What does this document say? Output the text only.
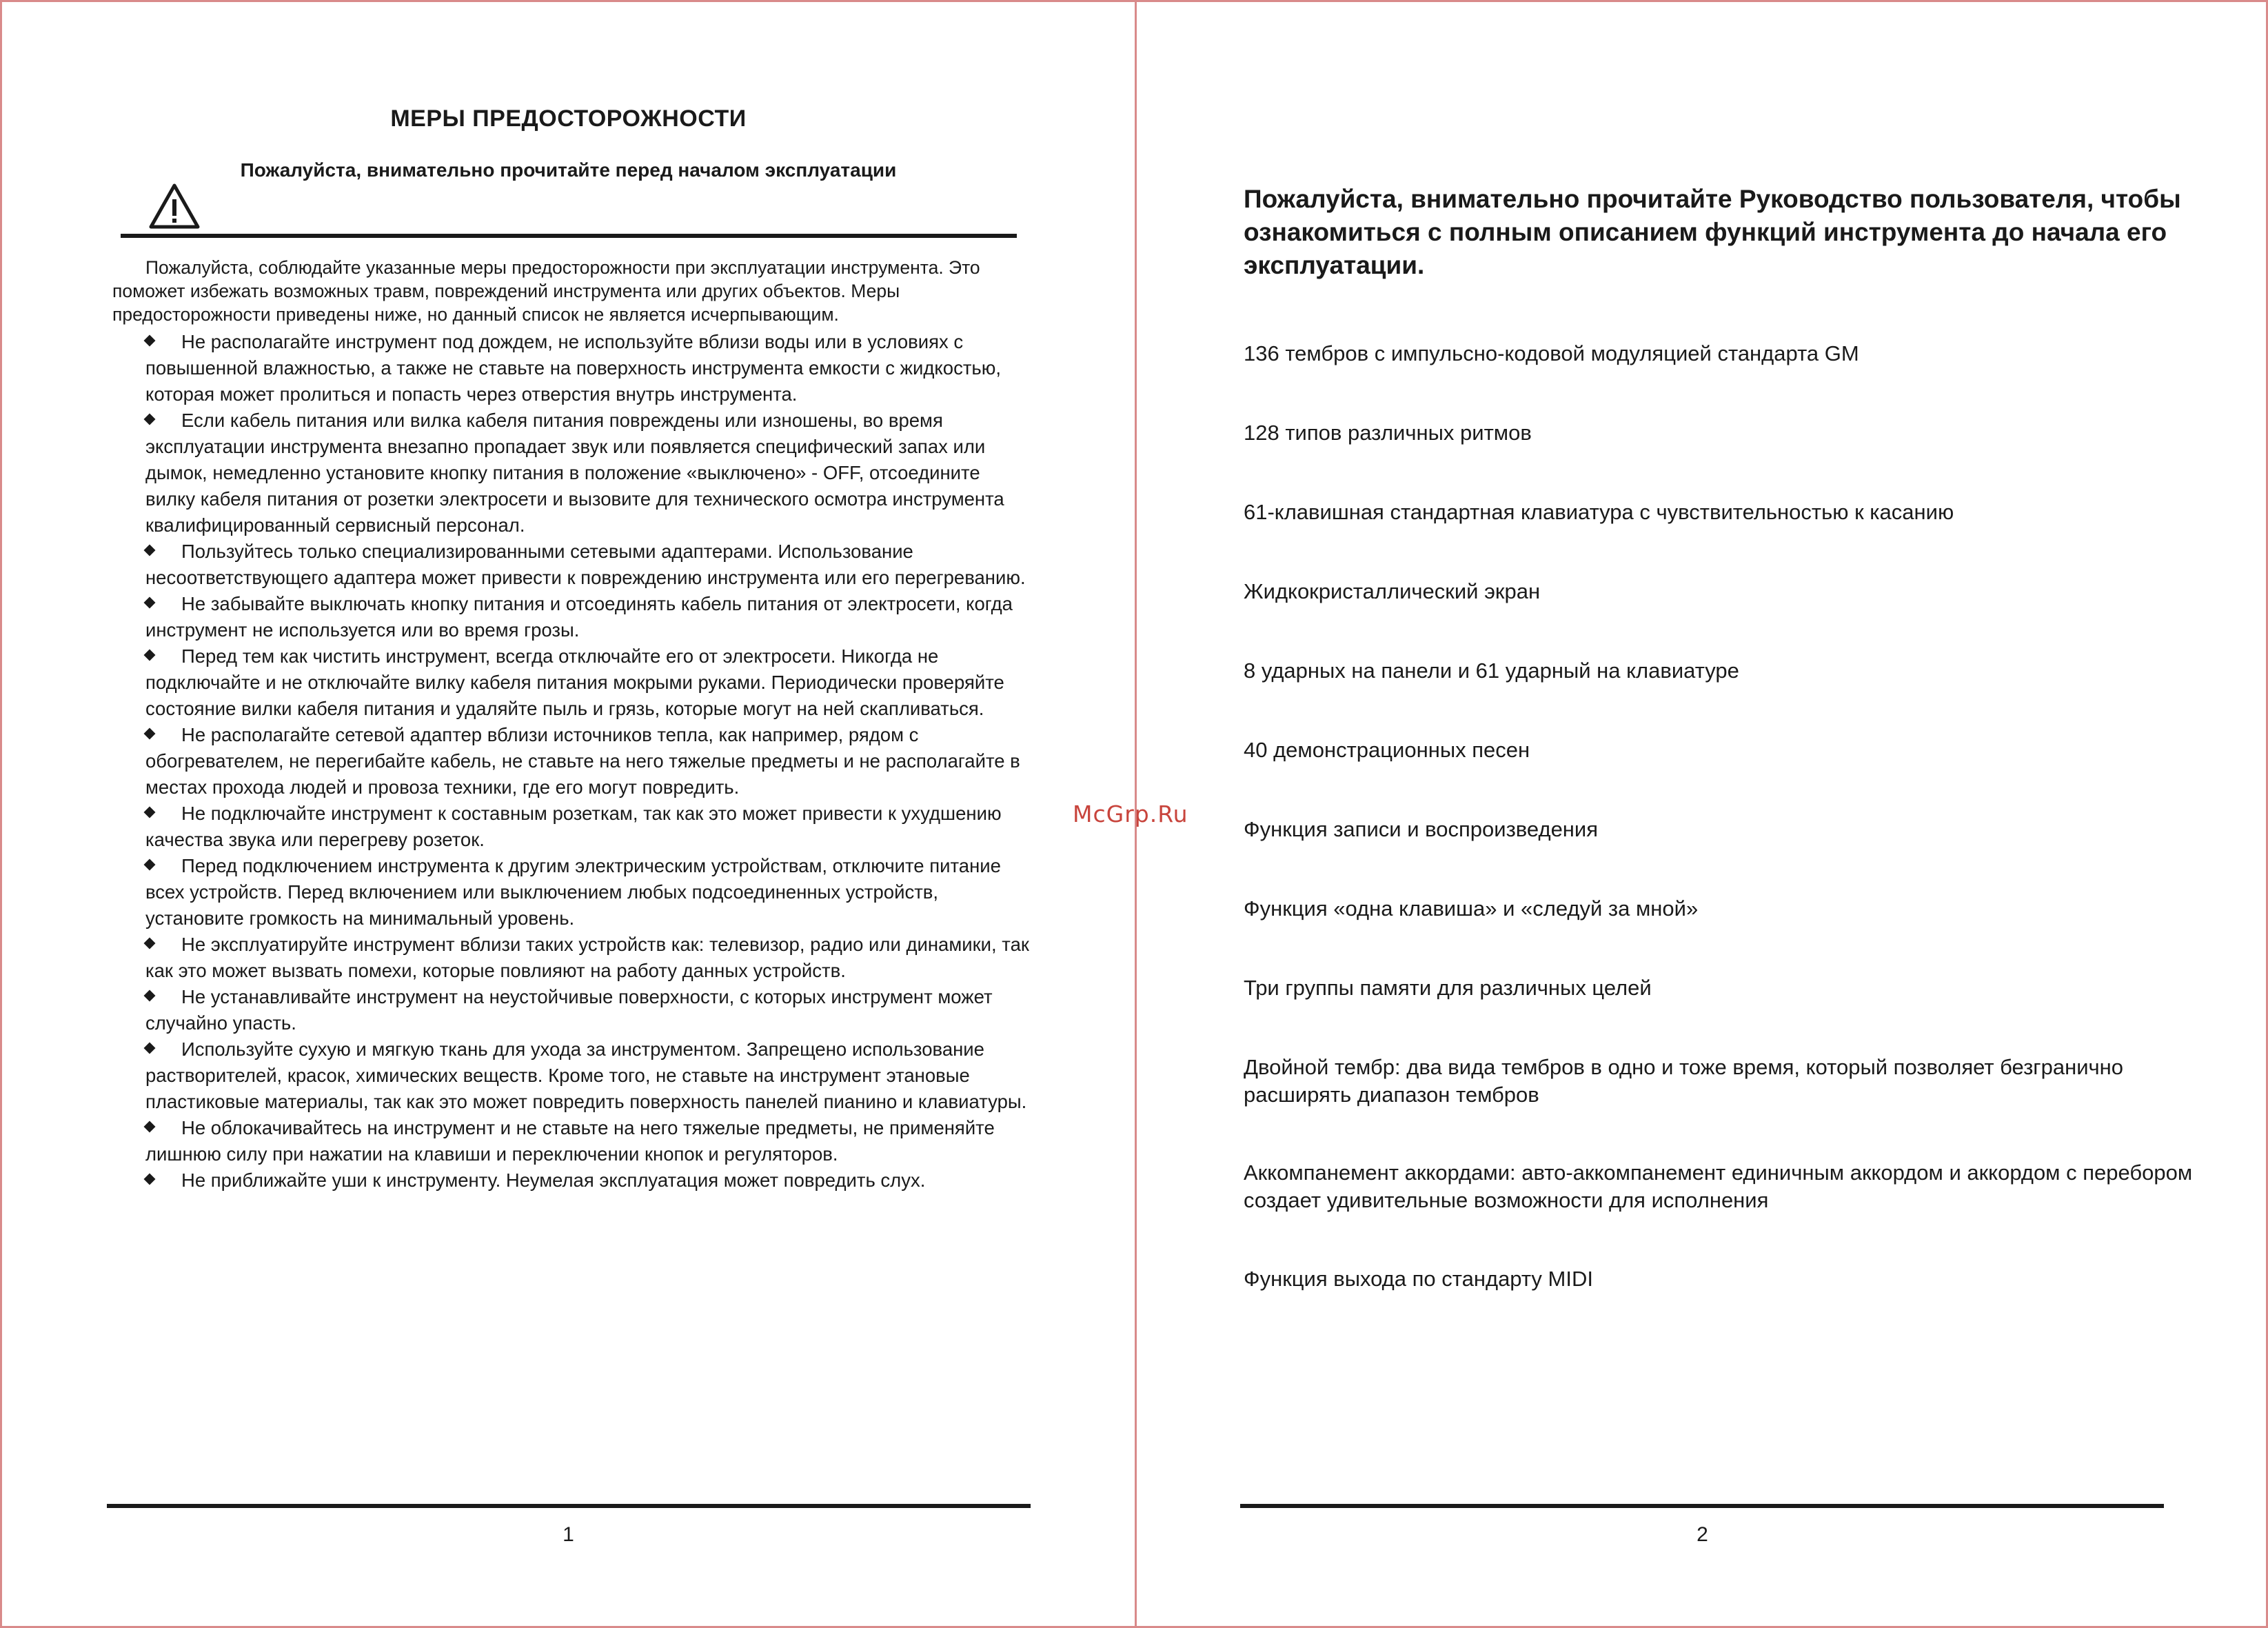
МЕРЫ ПРЕДОСТОРОЖНОСТИ
Пожалуйста, внимательно прочитайте перед началом эксплуатации

Пожалуйста, соблюдайте указанные меры предосторожности при эксплуатации инструмента. Это поможет избежать возможных травм, повреждений инструмента или других объектов. Меры предосторожности приведены ниже, но данный список не является исчерпывающим.

Не располагайте инструмент под дождем, не используйте вблизи воды или в условиях с повышенной влажностью, а также не ставьте на поверхность инструмента емкости с жидкостью, которая может пролиться и попасть через отверстия внутрь инструмента.
Если кабель питания или вилка кабеля питания повреждены или изношены, во время эксплуатации инструмента внезапно пропадает звук или появляется специфический запах или дымок, немедленно установите кнопку питания в положение «выключено» - OFF, отсоедините вилку кабеля питания от розетки электросети и вызовите для технического осмотра инструмента квалифицированный сервисный персонал.
Пользуйтесь только специализированными сетевыми адаптерами. Использование несоответствующего адаптера может привести к повреждению инструмента или его перегреванию.
Не забывайте выключать кнопку питания и отсоединять кабель питания от электросети, когда инструмент не используется или во время грозы.
Перед тем как чистить инструмент, всегда отключайте его от электросети. Никогда не подключайте и не отключайте вилку кабеля питания мокрыми руками. Периодически проверяйте состояние вилки кабеля питания и удаляйте пыль и грязь, которые могут на ней скапливаться.
Не располагайте сетевой адаптер вблизи источников тепла, как например, рядом с обогревателем, не перегибайте кабель, не ставьте на него тяжелые предметы и не располагайте в местах прохода людей и провоза техники, где его могут повредить.
Не подключайте инструмент к составным розеткам, так как это может привести к ухудшению качества звука или перегреву розеток.
Перед подключением инструмента к другим электрическим устройствам, отключите питание всех устройств. Перед включением или выключением любых подсоединенных устройств, установите громкость на минимальный уровень.
Не эксплуатируйте инструмент вблизи таких устройств как: телевизор, радио или динамики, так как это может вызвать помехи, которые повлияют на работу данных устройств.
Не устанавливайте инструмент на неустойчивые поверхности, с которых инструмент может случайно упасть.
Используйте сухую и мягкую ткань для ухода за инструментом. Запрещено использование растворителей, красок, химических веществ. Кроме того, не ставьте на инструмент этановые пластиковые материалы, так как это может повредить поверхность панелей пианино и клавиатуры.
Не облокачивайтесь на инструмент и не ставьте на него тяжелые предметы, не применяйте лишнюю силу при нажатии на клавиши и переключении кнопок и регуляторов.
Не приближайте уши к инструменту. Неумелая эксплуатация может повредить слух.
1
Пожалуйста, внимательно прочитайте Руководство пользователя, чтобы ознакомиться с полным описанием функций инструмента до начала его эксплуатации.
136 тембров с импульсно-кодовой модуляцией стандарта GM
128 типов различных ритмов
61-клавишная стандартная клавиатура с чувствительностью к касанию
Жидкокристаллический экран
8 ударных на панели и 61 ударный на клавиатуре
40 демонстрационных песен
Функция записи и воспроизведения
Функция «одна клавиша» и «следуй за мной»
Три группы памяти для различных целей
Двойной тембр: два вида тембров в одно и тоже время, который позволяет безгранично расширять диапазон тембров
Аккомпанемент аккордами: авто-аккомпанемент единичным аккордом и аккордом с перебором создает удивительные возможности для исполнения
Функция выхода по стандарту MIDI
2
McGrp.Ru
